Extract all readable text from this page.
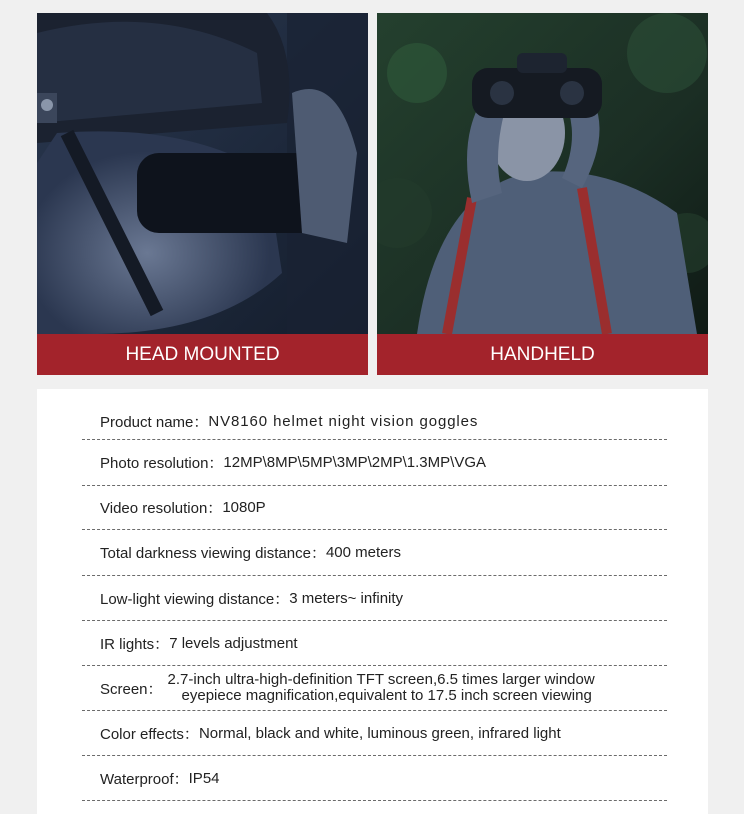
HEAD MOUNTED	HANDHELD
Product name： NV8160 helmet night vision goggles
Photo resolution： 12MP\8MP\5MP\3MP\2MP\1.3MP\VGA
Video resolution： 1080P
Total darkness viewing distance： 400 meters
Low-light viewing distance： 3 meters~ infinity
IR lights： 7 levels adjustment
Screen：
2.7-inch ultra-high-definition TFT screen,6.5 times larger window
eyepiece magnification,equivalent to 17.5 inch screen viewing
Color effects： Normal, black and white, luminous green, infrared light
Waterproof： IP54
